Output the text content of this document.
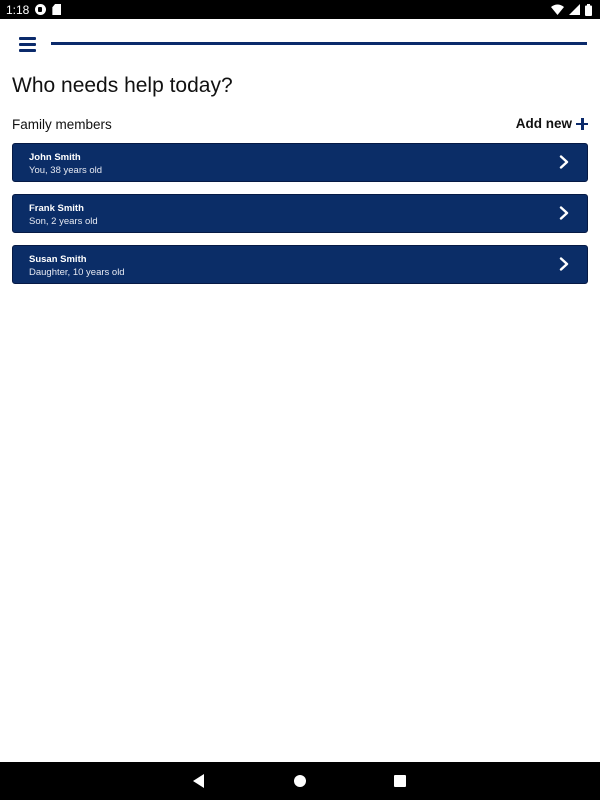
1:18
Who needs help today?
Family members	Add new
John Smith
You, 38 years old
Frank Smith
Son, 2 years old
Susan Smith
Daughter, 10 years old
